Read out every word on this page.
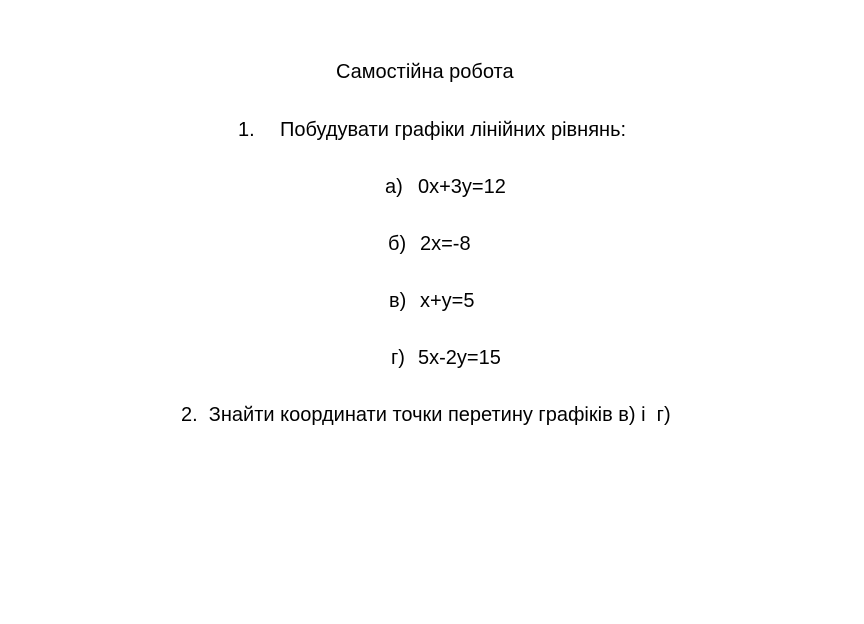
Самостійна робота
1. Побудувати графіки лінійних рівнянь:
а) 0х+3у=12
б) 2х=-8
в) х+у=5
г) 5х-2у=15
2.  Знайти координати точки перетину графіків в) і  г)
